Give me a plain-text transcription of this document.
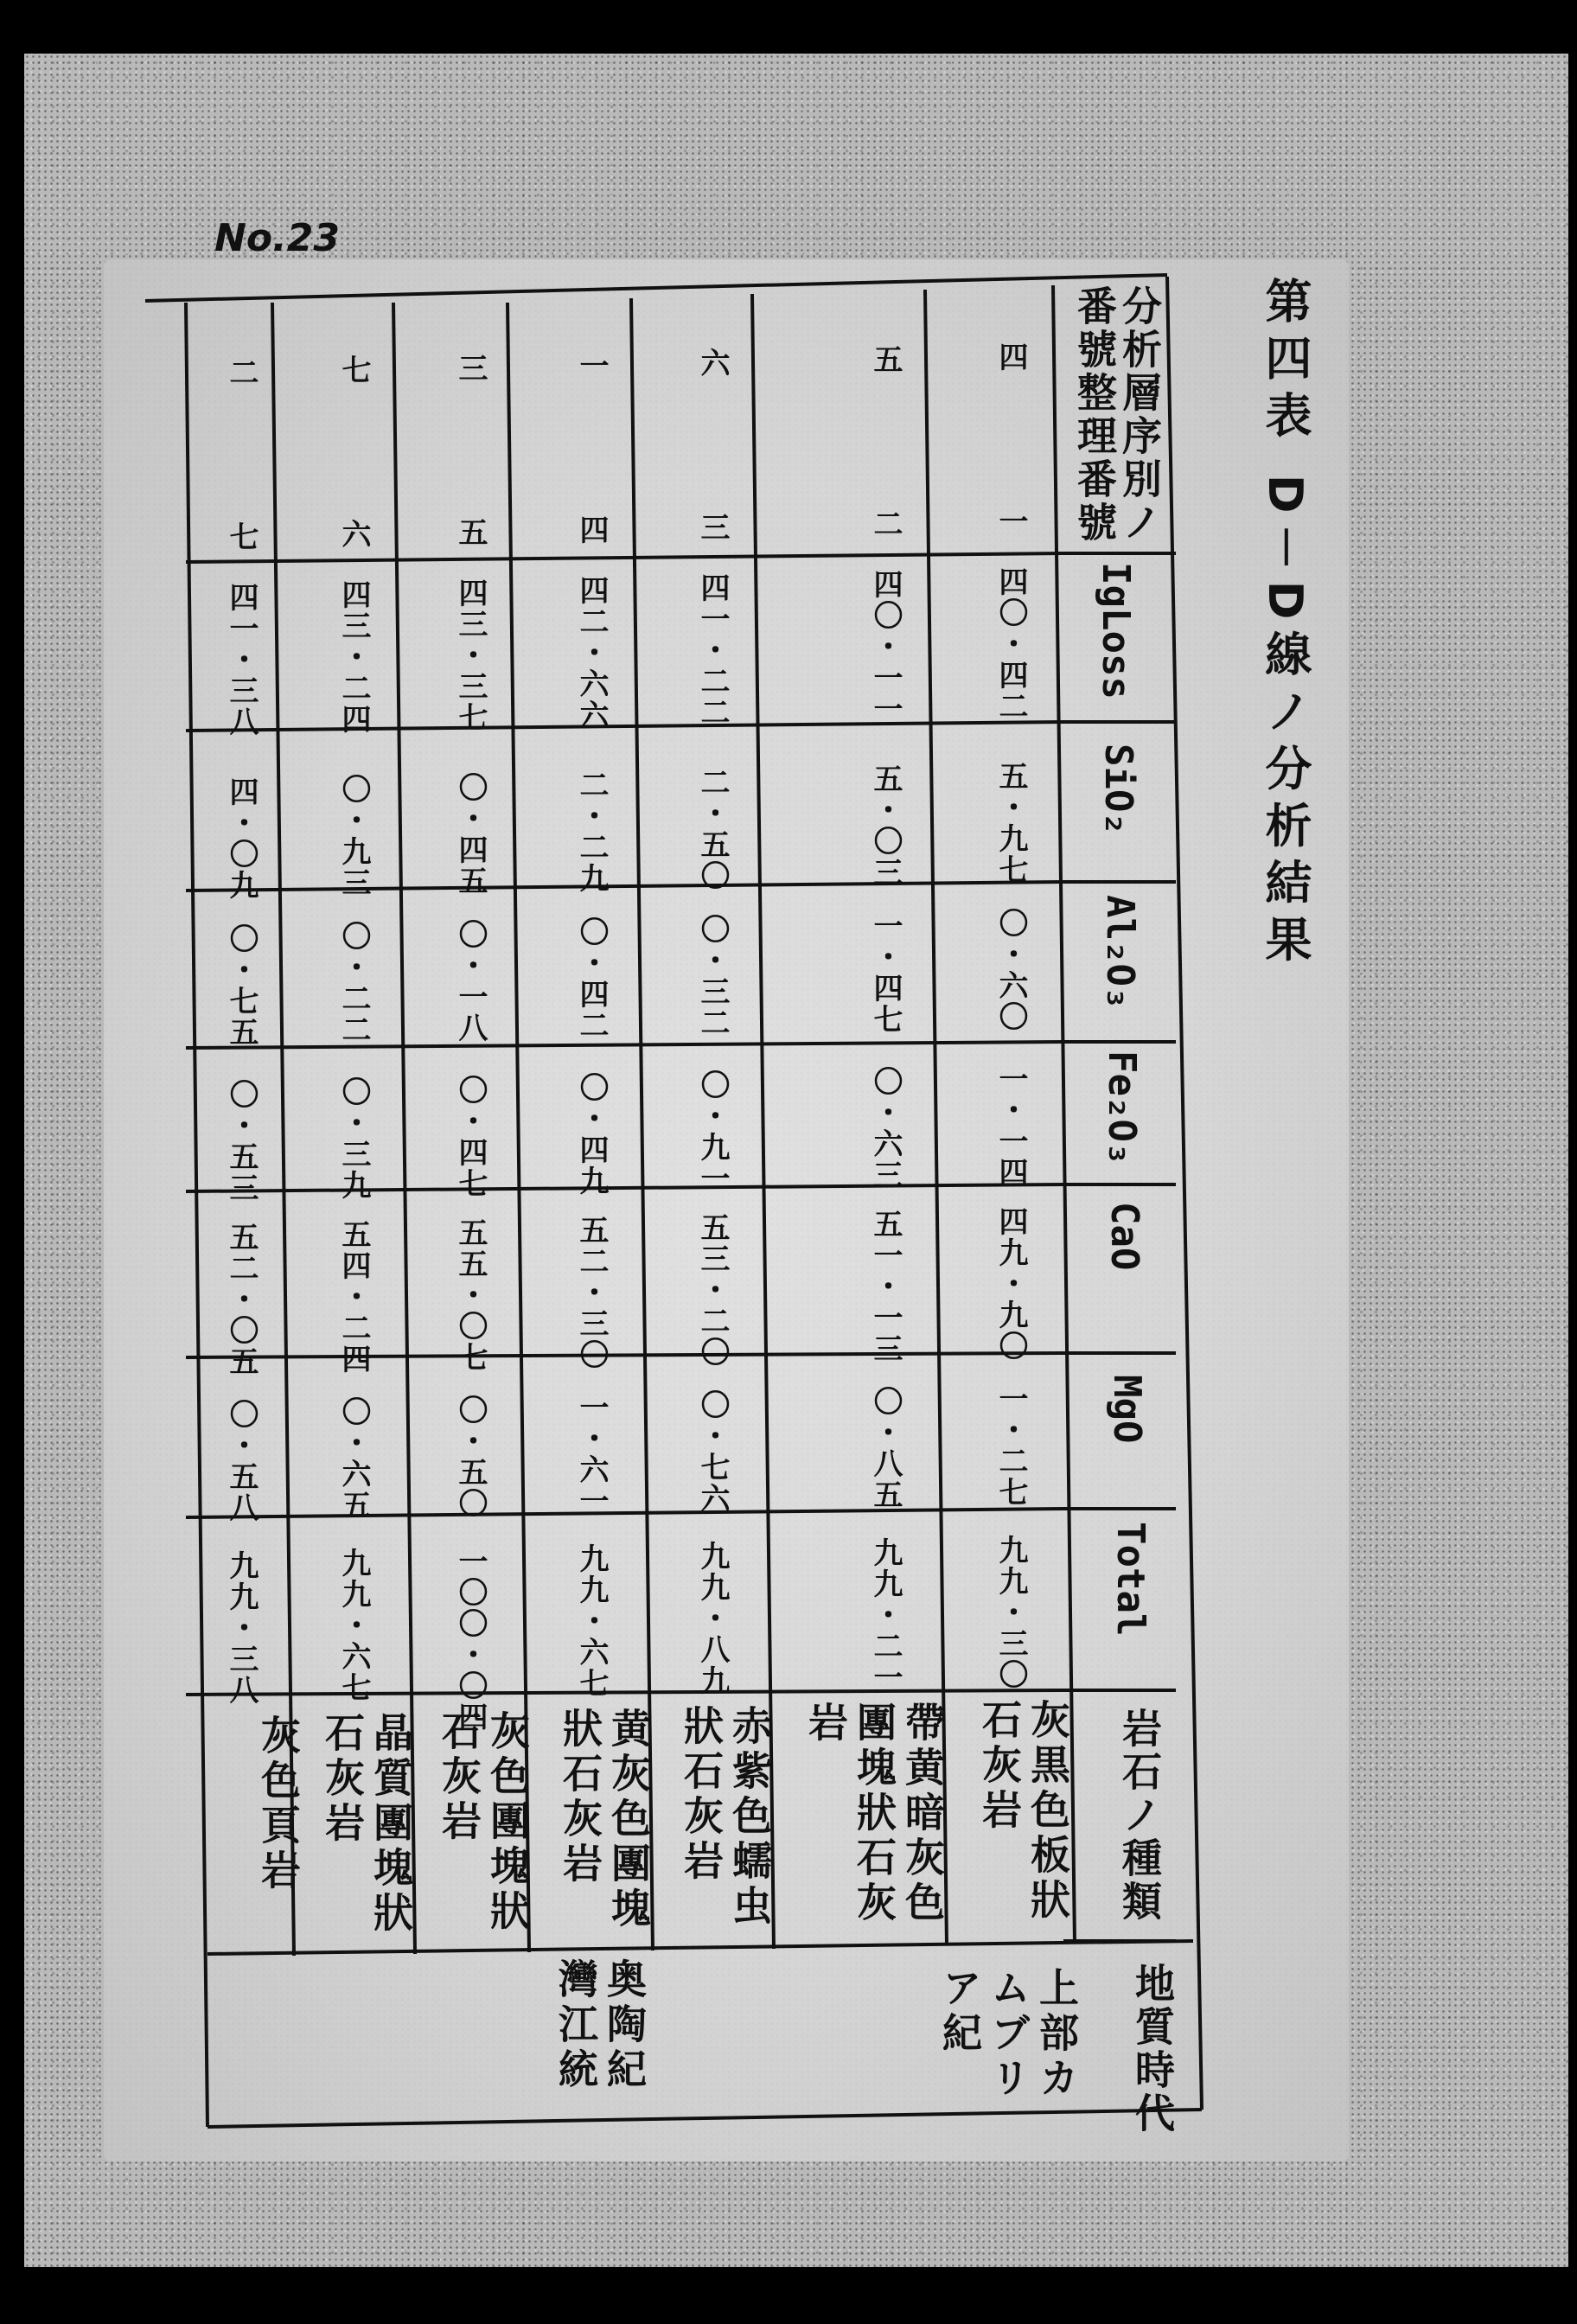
No.23
第四表 D－D線ノ分析結果
分析層序別ノ番號整理番號
IgLoss
SiO₂
Al₂O₃
Fe₂O₃
CaO
MgO
Total
岩石ノ種類
地質時代
四
一
四〇・四二
五・九七
〇・六〇
一・一四
四九・九〇
一・二七
九九・三〇
灰黒色板狀石灰岩
五
二
四〇・一一
五・〇三
一・四七
〇・六三
五一・一三
〇・八五
九九・二一
帶黄暗灰色團塊狀石灰岩
六
三
四一・二二
二・五〇
〇・三二
〇・九一
五三・二〇
〇・七六
九九・八九
赤紫色蠕虫狀石灰岩
一
四
四二・六六
二・二九
〇・四二
〇・四九
五二・三〇
一・六一
九九・六七
黄灰色團塊狀石灰岩
三
五
四三・三七
〇・四五
〇・一八
〇・四七
五五・〇七
〇・五〇
一〇〇・〇四
灰色團塊狀石灰岩
七
六
四三・二四
〇・九三
〇・二二
〇・三九
五四・二四
〇・六五
九九・六七
晶質團塊狀石灰岩
二
七
四一・三八
四・〇九
〇・七五
〇・五三
五二・〇五
〇・五八
九九・三八
灰色頁岩
上部カムブリア紀
奥陶紀灣江統
